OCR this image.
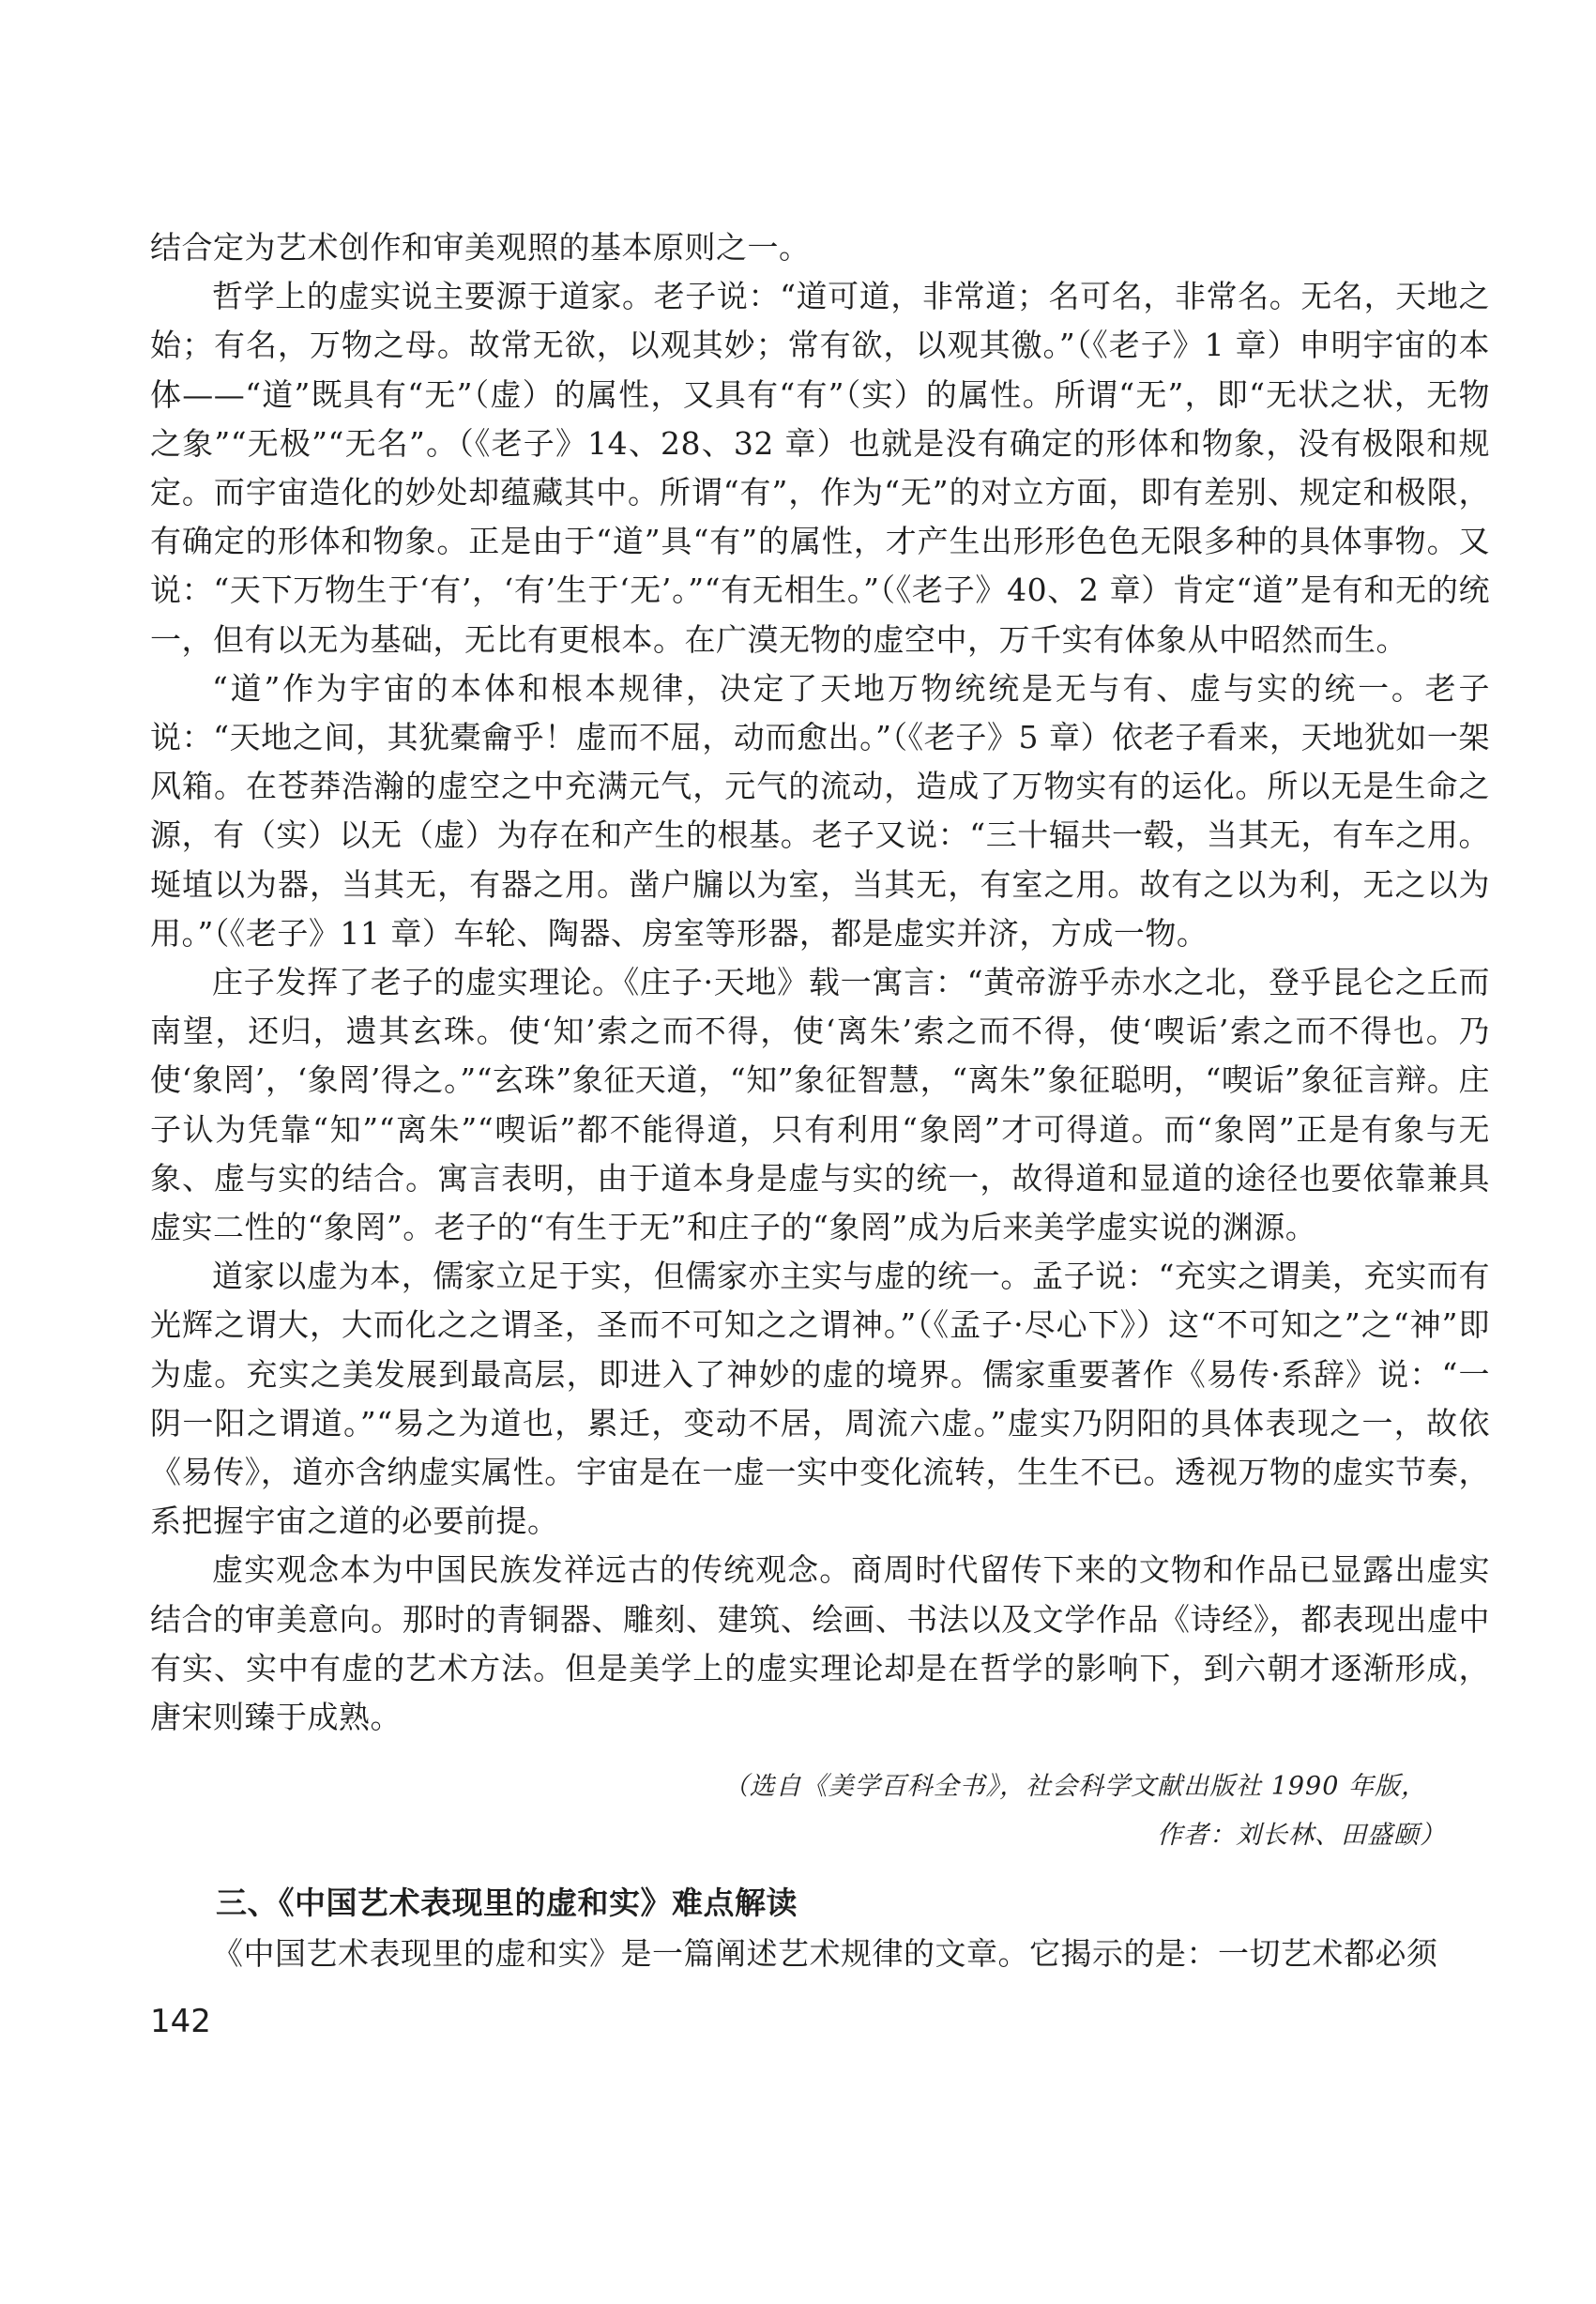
结合定为艺术创作和审美观照的基本原则之一。

哲学上的虚实说主要源于道家。老子说：“道可道，非常道；名可名，非常名。无名，天地之始；有名，万物之母。故常无欲，以观其妙；常有欲，以观其徼。”（《老子》1 章）申明宇宙的本体——“道”既具有“无”（虚）的属性，又具有“有”（实）的属性。所谓“无”，即“无状之状，无物之象”“无极”“无名”。（《老子》14、28、32 章）也就是没有确定的形体和物象，没有极限和规定。而宇宙造化的妙处却蕴藏其中。所谓“有”，作为“无”的对立方面，即有差别、规定和极限，有确定的形体和物象。正是由于“道”具“有”的属性，才产生出形形色色无限多种的具体事物。又说：“天下万物生于‘有’，‘有’生于‘无’。”“有无相生。”（《老子》40、2 章）肯定“道”是有和无的统一，但有以无为基础，无比有更根本。在广漠无物的虚空中，万千实有体象从中昭然而生。

“道”作为宇宙的本体和根本规律，决定了天地万物统统是无与有、虚与实的统一。老子说：“天地之间，其犹橐龠乎！虚而不屈，动而愈出。”（《老子》5 章）依老子看来，天地犹如一架风箱。在苍莽浩瀚的虚空之中充满元气，元气的流动，造成了万物实有的运化。所以无是生命之源，有（实）以无（虚）为存在和产生的根基。老子又说：“三十辐共一毂，当其无，有车之用。埏埴以为器，当其无，有器之用。凿户牖以为室，当其无，有室之用。故有之以为利，无之以为用。”（《老子》11 章）车轮、陶器、房室等形器，都是虚实并济，方成一物。

庄子发挥了老子的虚实理论。《庄子·天地》载一寓言：“黄帝游乎赤水之北，登乎昆仑之丘而南望，还归，遗其玄珠。使‘知’索之而不得，使‘离朱’索之而不得，使‘喫诟’索之而不得也。乃使‘象罔’，‘象罔’得之。”“玄珠”象征天道，“知”象征智慧，“离朱”象征聪明，“喫诟”象征言辩。庄子认为凭靠“知”“离朱”“喫诟”都不能得道，只有利用“象罔”才可得道。而“象罔”正是有象与无象、虚与实的结合。寓言表明，由于道本身是虚与实的统一，故得道和显道的途径也要依靠兼具虚实二性的“象罔”。老子的“有生于无”和庄子的“象罔”成为后来美学虚实说的渊源。

道家以虚为本，儒家立足于实，但儒家亦主实与虚的统一。孟子说：“充实之谓美，充实而有光辉之谓大，大而化之之谓圣，圣而不可知之之谓神。”（《孟子·尽心下》）这“不可知之”之“神”即为虚。充实之美发展到最高层，即进入了神妙的虚的境界。儒家重要著作《易传·系辞》说：“一阴一阳之谓道。”“易之为道也，累迁，变动不居，周流六虚。”虚实乃阴阳的具体表现之一，故依《易传》，道亦含纳虚实属性。宇宙是在一虚一实中变化流转，生生不已。透视万物的虚实节奏，系把握宇宙之道的必要前提。

虚实观念本为中国民族发祥远古的传统观念。商周时代留传下来的文物和作品已显露出虚实结合的审美意向。那时的青铜器、雕刻、建筑、绘画、书法以及文学作品《诗经》，都表现出虚中有实、实中有虚的艺术方法。但是美学上的虚实理论却是在哲学的影响下，到六朝才逐渐形成，唐宋则臻于成熟。

（选自《美学百科全书》，社会科学文献出版社 1990 年版，
作者：刘长林、田盛颐）
三、《中国艺术表现里的虚和实》难点解读

《中国艺术表现里的虚和实》是一篇阐述艺术规律的文章。它揭示的是：一切艺术都必须

142
